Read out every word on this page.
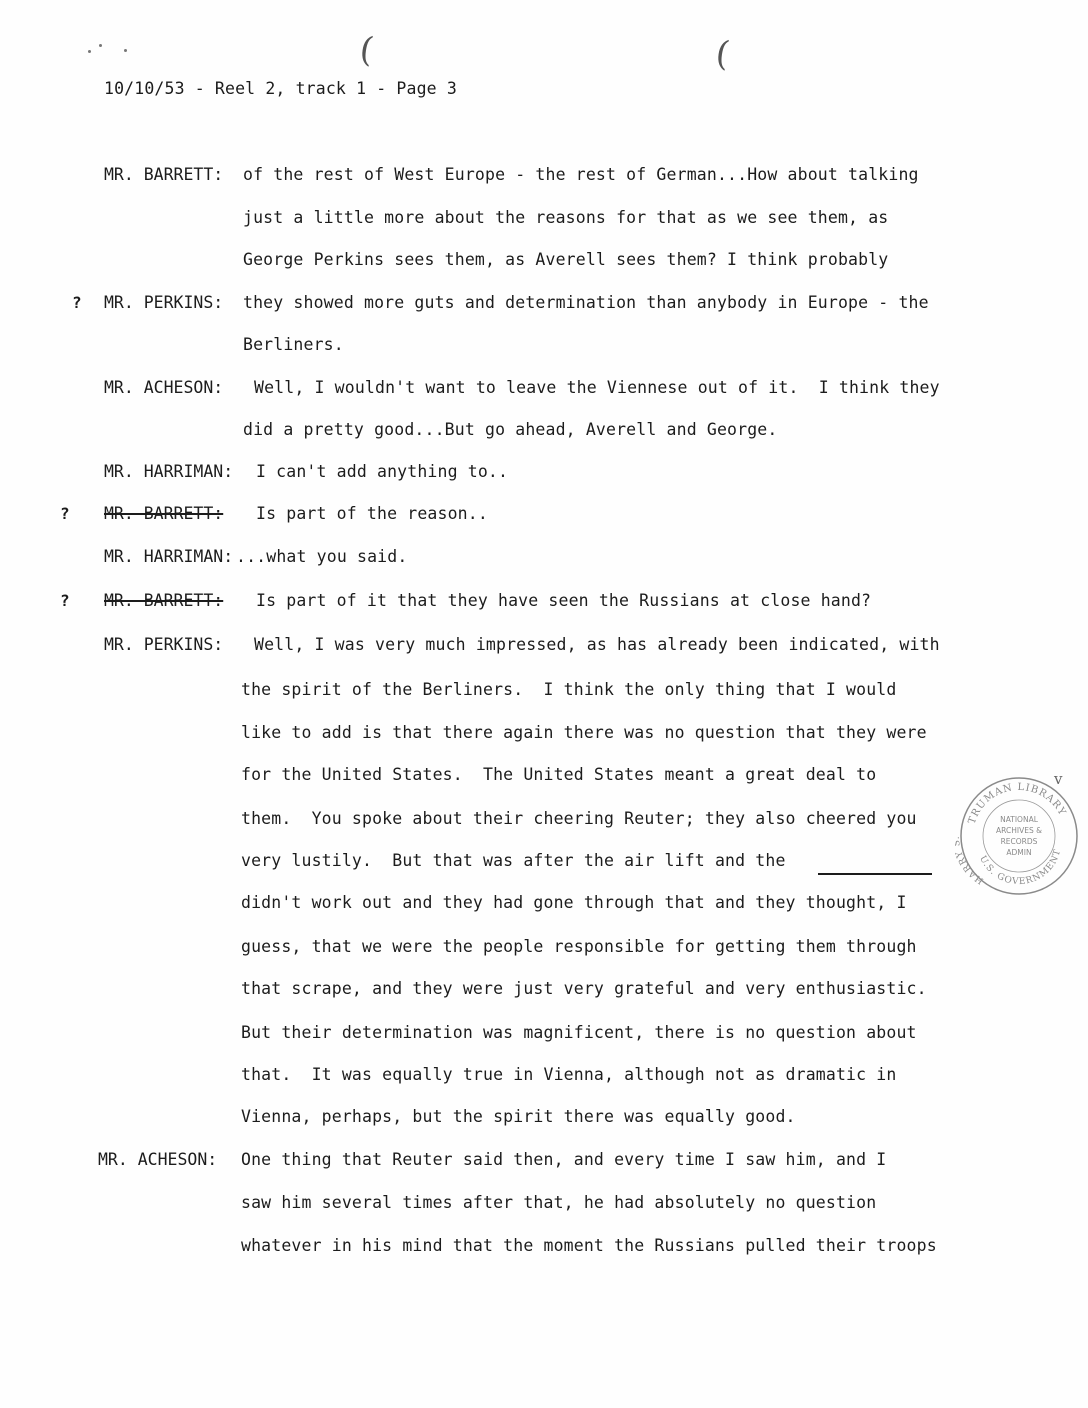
(	(
10/10/53 - Reel 2, track 1 - Page 3
MR. BARRETT: of the rest of West Europe - the rest of German...How about talking
just a little more about the reasons for that as we see them, as
George Perkins sees them, as Averell sees them? I think probably
? MR. PERKINS: they showed more guts and determination than anybody in Europe - the
Berliners.
MR. ACHESON: Well, I wouldn't want to leave the Viennese out of it.  I think they
did a pretty good...But go ahead, Averell and George.
MR. HARRIMAN: I can't add anything to..
? MR. BARRETT: Is part of the reason..
MR. HARRIMAN: ...what you said.
? MR. BARRETT: Is part of it that they have seen the Russians at close hand?
MR. PERKINS: Well, I was very much impressed, as has already been indicated, with
the spirit of the Berliners.  I think the only thing that I would
like to add is that there again there was no question that they were
for the United States.  The United States meant a great deal to
them.  You spoke about their cheering Reuter; they also cheered you
very lustily.  But that was after the air lift and the
didn't work out and they had gone through that and they thought, I
guess, that we were the people responsible for getting them through
that scrape, and they were just very grateful and very enthusiastic.
But their determination was magnificent, there is no question about
that.  It was equally true in Vienna, although not as dramatic in
Vienna, perhaps, but the spirit there was equally good.
MR. ACHESON: One thing that Reuter said then, and every time I saw him, and I
saw him several times after that, he had absolutely no question
whatever in his mind that the moment the Russians pulled their troops
TRUMAN LIBRARY
U.S. GOVERNMENT
HARRY
NATIONAL
ARCHIVES &
RECORDS
ADMIN
v
